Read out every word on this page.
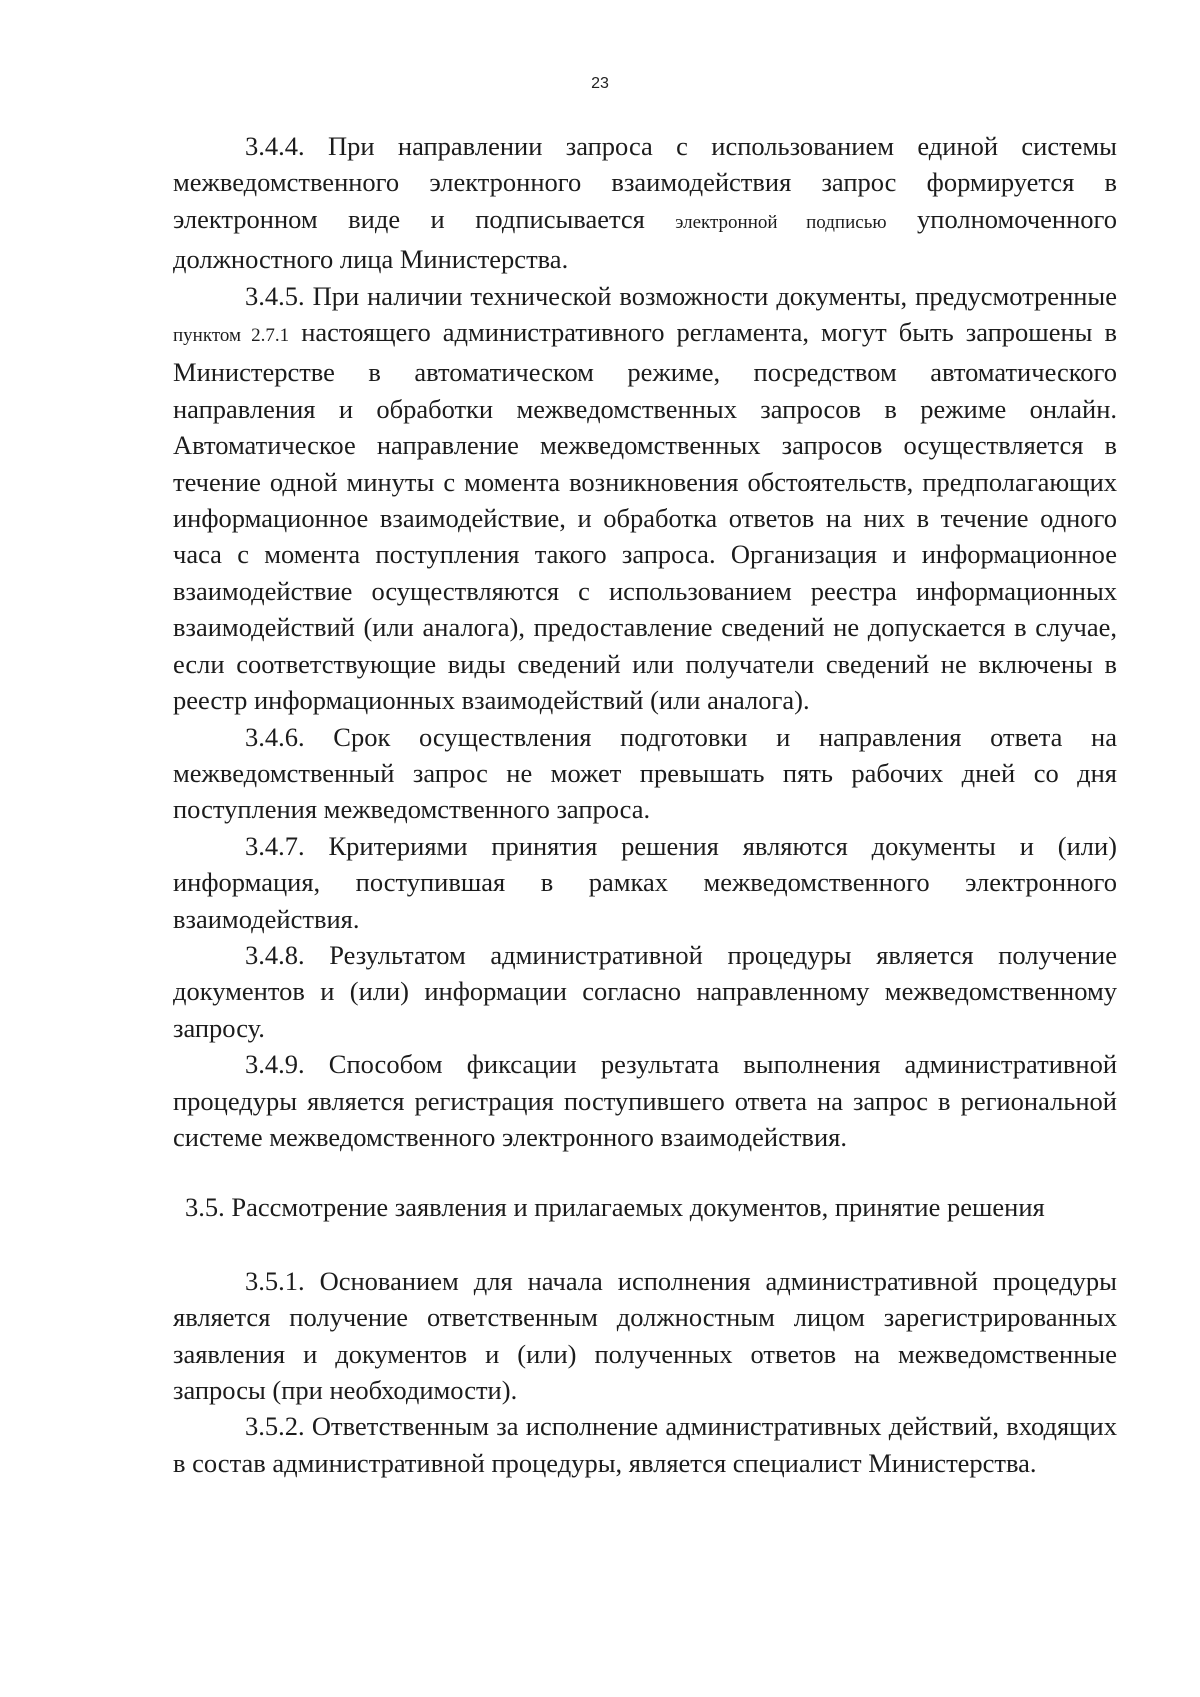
23

3.4.4. При направлении запроса с использованием единой системы межведомственного электронного взаимодействия запрос формируется в электронном виде и подписывается электронной подписью уполномоченного должностного лица Министерства.

3.4.5. При наличии технической возможности документы, предусмотренные пунктом 2.7.1 настоящего административного регламента, могут быть запрошены в Министерстве в автоматическом режиме, посредством автоматического направления и обработки межведомственных запросов в режиме онлайн. Автоматическое направление межведомственных запросов осуществляется в течение одной минуты с момента возникновения обстоятельств, предполагающих информационное взаимодействие, и обработка ответов на них в течение одного часа с момента поступления такого запроса. Организация и информационное взаимодействие осуществляются с использованием реестра информационных взаимодействий (или аналога), предоставление сведений не допускается в случае, если соответствующие виды сведений или получатели сведений не включены в реестр информационных взаимодействий (или аналога).

3.4.6. Срок осуществления подготовки и направления ответа на межведомственный запрос не может превышать пять рабочих дней со дня поступления межведомственного запроса.

3.4.7. Критериями принятия решения являются документы и (или) информация, поступившая в рамках межведомственного электронного взаимодействия.

3.4.8. Результатом административной процедуры является получение документов и (или) информации согласно направленному межведомственному запросу.

3.4.9. Способом фиксации результата выполнения административной процедуры является регистрация поступившего ответа на запрос в региональной системе межведомственного электронного взаимодействия.

3.5. Рассмотрение заявления и прилагаемых документов, принятие решения

3.5.1. Основанием для начала исполнения административной процедуры является получение ответственным должностным лицом зарегистрированных заявления и документов и (или) полученных ответов на межведомственные запросы (при необходимости).

3.5.2. Ответственным за исполнение административных действий, входящих в состав административной процедуры, является специалист Министерства.
